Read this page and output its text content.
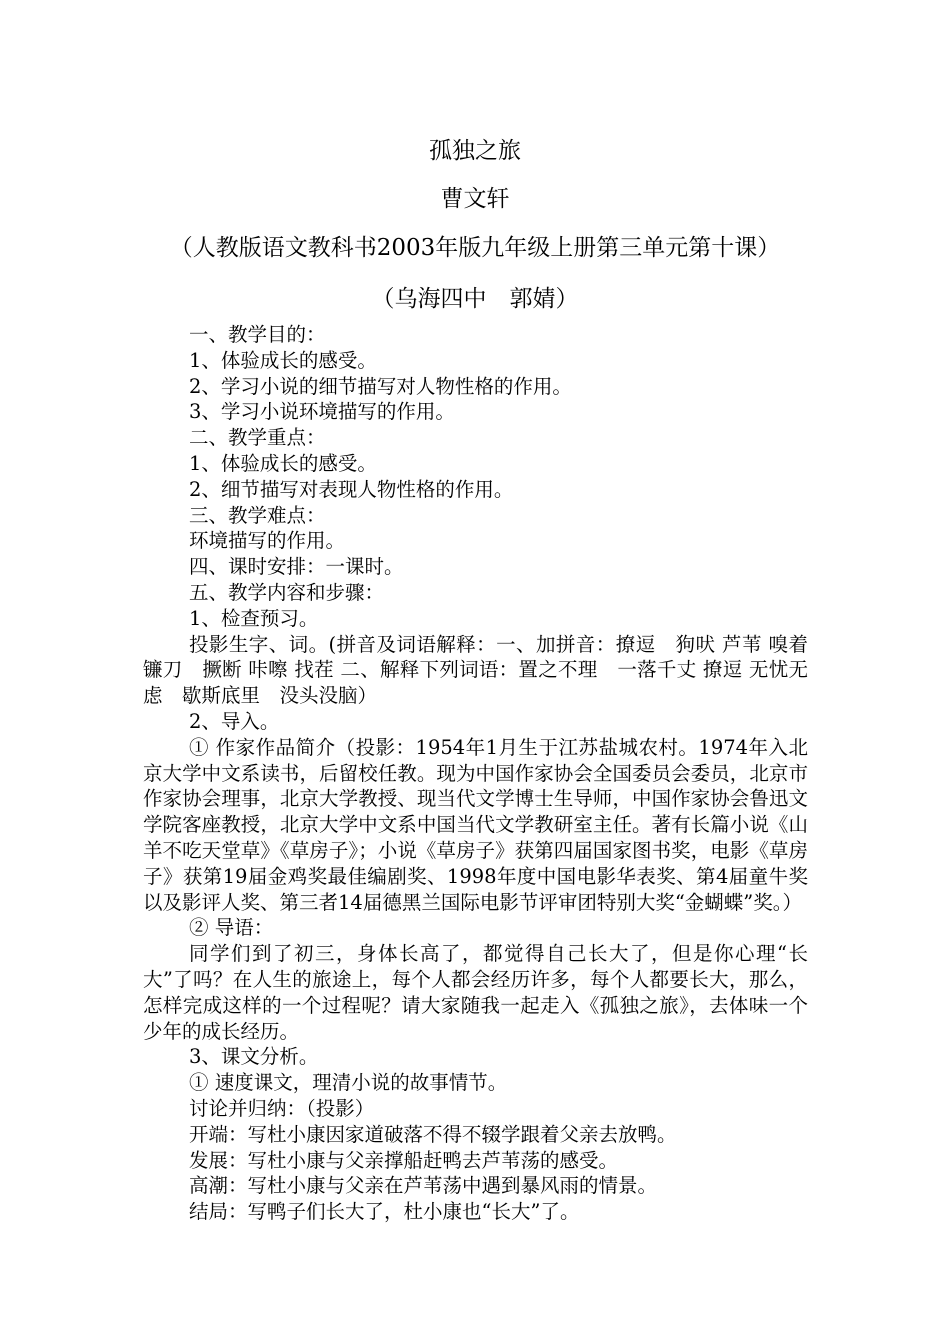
孤独之旅
曹文轩
（人教版语文教科书2003年版九年级上册第三单元第十课）
（乌海四中　郭婧）
一、教学目的：
1、体验成长的感受。
2、学习小说的细节描写对人物性格的作用。
3、学习小说环境描写的作用。
二、教学重点：
1、体验成长的感受。
2、细节描写对表现人物性格的作用。
三、教学难点：
环境描写的作用。
四、课时安排：一课时。
五、教学内容和步骤：
1、检查预习。
投影生字、词。(拼音及词语解释：一、加拼音：撩逗　狗吠 芦苇 嗅着 镰刀　撅断 咔嚓 找茬 二、解释下列词语：置之不理　一落千丈 撩逗 无忧无虑　歇斯底里　没头没脑）
2、导入。
① 作家作品简介（投影：1954年1月生于江苏盐城农村。1974年入北京大学中文系读书，后留校任教。现为中国作家协会全国委员会委员，北京市作家协会理事，北京大学教授、现当代文学博士生导师，中国作家协会鲁迅文学院客座教授，北京大学中文系中国当代文学教研室主任。著有长篇小说《山羊不吃天堂草》《草房子》；小说《草房子》获第四届国家图书奖，电影《草房子》获第19届金鸡奖最佳编剧奖、1998年度中国电影华表奖、第4届童牛奖以及影评人奖、第三者14届德黑兰国际电影节评审团特别大奖“金蝴蝶”奖。）
② 导语：
同学们到了初三，身体长高了，都觉得自己长大了，但是你心理“长大”了吗？在人生的旅途上，每个人都会经历许多，每个人都要长大，那么，怎样完成这样的一个过程呢？请大家随我一起走入《孤独之旅》，去体味一个少年的成长经历。
3、课文分析。
① 速度课文，理清小说的故事情节。
讨论并归纳：（投影）
开端：写杜小康因家道破落不得不辍学跟着父亲去放鸭。
发展：写杜小康与父亲撑船赶鸭去芦苇荡的感受。
高潮：写杜小康与父亲在芦苇荡中遇到暴风雨的情景。
结局：写鸭子们长大了，杜小康也“长大”了。
